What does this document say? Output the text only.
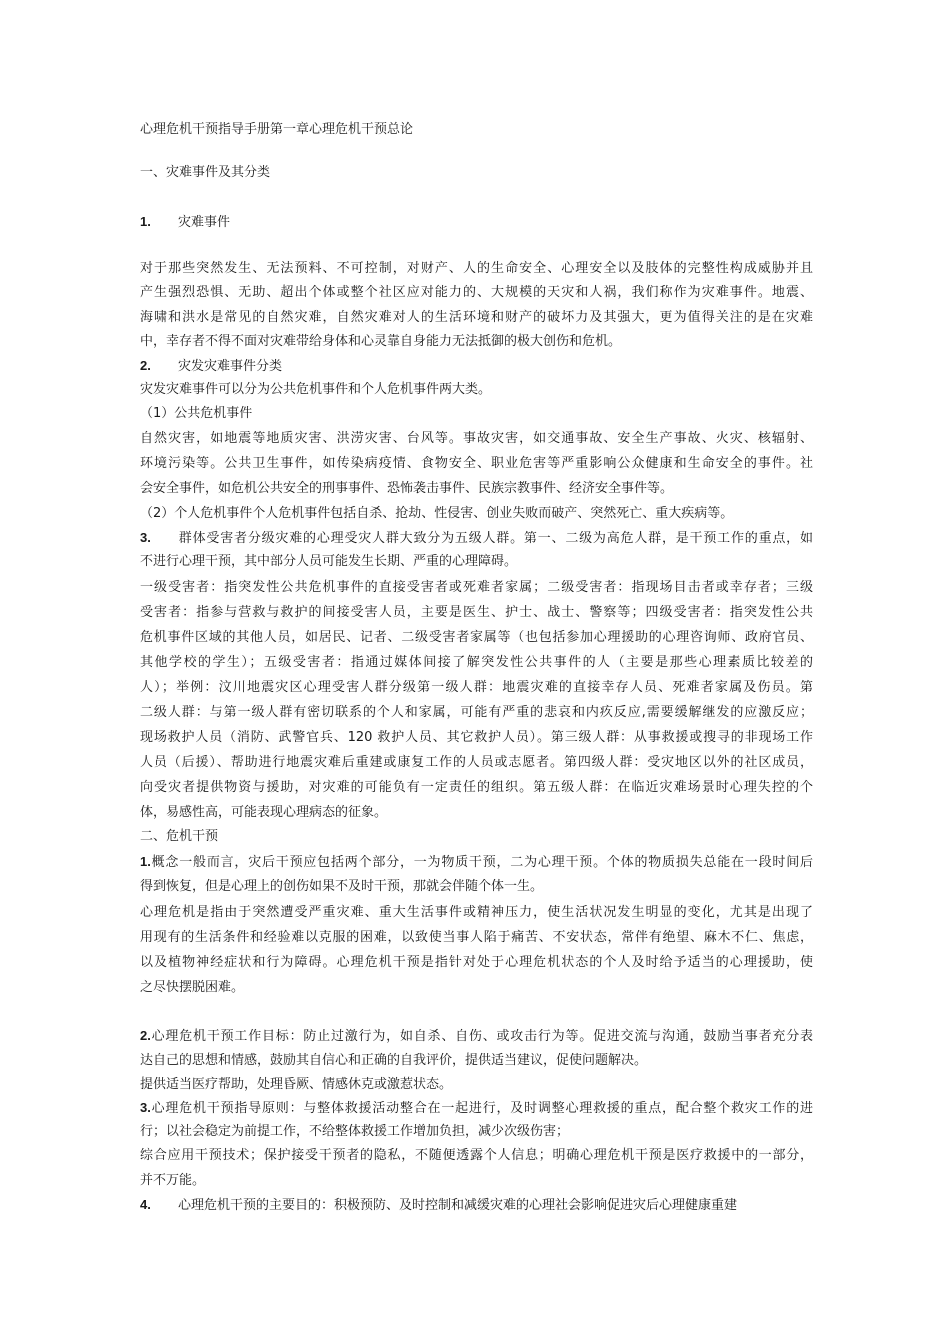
心理危机干预指导手册第一章心理危机干预总论
一、灾难事件及其分类
1. 灾难事件
对于那些突然发生、无法预料、不可控制，对财产、人的生命安全、心理安全以及肢体的完整性构成威胁并且
产生强烈恐惧、无助、超出个体或整个社区应对能力的、大规模的天灾和人祸，我们称作为灾难事件。地震、
海啸和洪水是常见的自然灾难，自然灾难对人的生活环境和财产的破坏力及其强大，更为值得关注的是在灾难
中，幸存者不得不面对灾难带给身体和心灵靠自身能力无法抵御的极大创伤和危机。
2. 灾发灾难事件分类
灾发灾难事件可以分为公共危机事件和个人危机事件两大类。
（1）公共危机事件
自然灾害，如地震等地质灾害、洪涝灾害、台风等。事故灾害，如交通事故、安全生产事故、火灾、核辐射、
环境污染等。公共卫生事件，如传染病疫情、食物安全、职业危害等严重影响公众健康和生命安全的事件。社
会安全事件，如危机公共安全的刑事事件、恐怖袭击事件、民族宗教事件、经济安全事件等。
（2）个人危机事件个人危机事件包括自杀、抢劫、性侵害、创业失败而破产、突然死亡、重大疾病等。
3. 群体受害者分级灾难的心理受灾人群大致分为五级人群。第一、二级为高危人群，是干预工作的重点，如
不进行心理干预，其中部分人员可能发生长期、严重的心理障碍。
一级受害者：指突发性公共危机事件的直接受害者或死难者家属；二级受害者：指现场目击者或幸存者；三级
受害者：指参与营救与救护的间接受害人员，主要是医生、护士、战士、警察等；四级受害者：指突发性公共
危机事件区域的其他人员，如居民、记者、二级受害者家属等（也包括参加心理援助的心理咨询师、政府官员、
其他学校的学生）；五级受害者：指通过媒体间接了解突发性公共事件的人（主要是那些心理素质比较差的
人）；举例：汶川地震灾区心理受害人群分级第一级人群：地震灾难的直接幸存人员、死难者家属及伤员。第
二级人群：与第一级人群有密切联系的个人和家属，可能有严重的悲哀和内疚反应,需要缓解继发的应激反应；
现场救护人员（消防、武警官兵、120 救护人员、其它救护人员）。第三级人群：从事救援或搜寻的非现场工作
人员（后援）、帮助进行地震灾难后重建或康复工作的人员或志愿者。第四级人群：受灾地区以外的社区成员，
向受灾者提供物资与援助，对灾难的可能负有一定责任的组织。第五级人群：在临近灾难场景时心理失控的个
体，易感性高，可能表现心理病态的征象。
二、危机干预
1.概念一般而言，灾后干预应包括两个部分，一为物质干预，二为心理干预。个体的物质损失总能在一段时间后
得到恢复，但是心理上的创伤如果不及时干预，那就会伴随个体一生。
心理危机是指由于突然遭受严重灾难、重大生活事件或精神压力，使生活状况发生明显的变化，尤其是出现了
用现有的生活条件和经验难以克服的困难，以致使当事人陷于痛苦、不安状态，常伴有绝望、麻木不仁、焦虑，
以及植物神经症状和行为障碍。心理危机干预是指针对处于心理危机状态的个人及时给予适当的心理援助，使
之尽快摆脱困难。
2.心理危机干预工作目标：防止过激行为，如自杀、自伤、或攻击行为等。促进交流与沟通，鼓励当事者充分表
达自己的思想和情感，鼓励其自信心和正确的自我评价，提供适当建议，促使问题解决。
提供适当医疗帮助，处理昏厥、情感休克或激惹状态。
3.心理危机干预指导原则：与整体救援活动整合在一起进行，及时调整心理救援的重点，配合整个救灾工作的进
行；以社会稳定为前提工作，不给整体救援工作增加负担，减少次级伤害；
综合应用干预技术；保护接受干预者的隐私，不随便透露个人信息；明确心理危机干预是医疗救援中的一部分，
并不万能。
4. 心理危机干预的主要目的：积极预防、及时控制和减缓灾难的心理社会影响促进灾后心理健康重建
